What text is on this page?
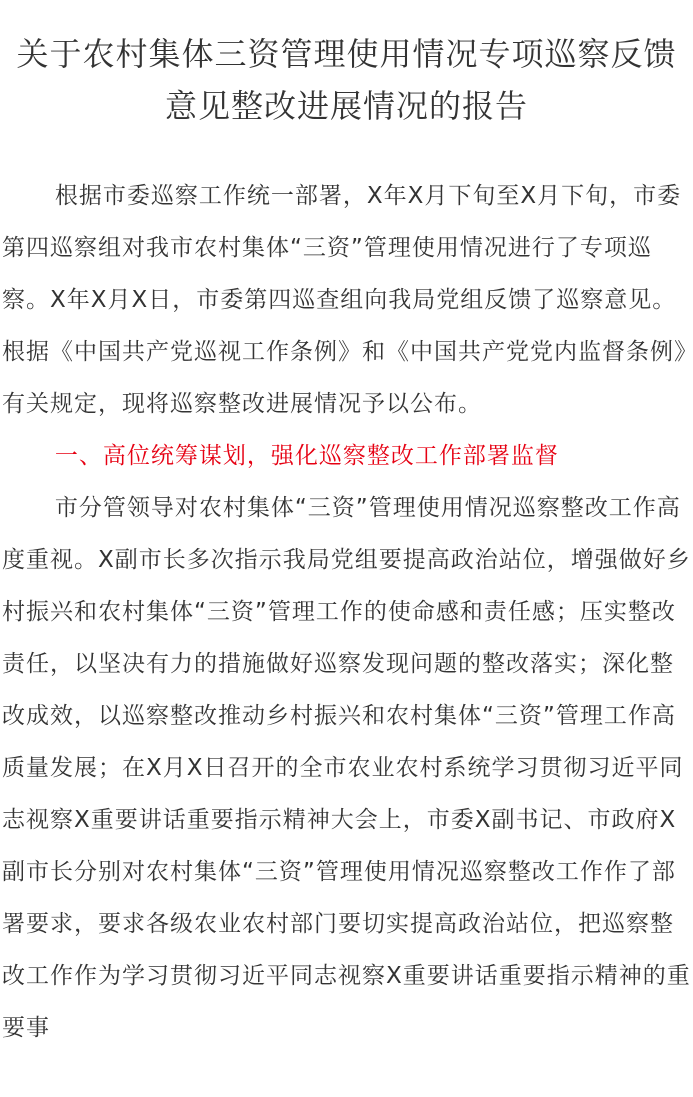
关于农村集体三资管理使用情况专项巡察反馈意见整改进展情况的报告

根据市委巡察工作统一部署，X年X月下旬至X月下旬，市委第四巡察组对我市农村集体“三资”管理使用情况进行了专项巡察。X年X月X日，市委第四巡查组向我局党组反馈了巡察意见。根据《中国共产党巡视工作条例》和《中国共产党党内监督条例》有关规定，现将巡察整改进展情况予以公布。

一、高位统筹谋划，强化巡察整改工作部署监督

市分管领导对农村集体“三资”管理使用情况巡察整改工作高度重视。X副市长多次指示我局党组要提高政治站位，增强做好乡村振兴和农村集体“三资”管理工作的使命感和责任感；压实整改责任，以坚决有力的措施做好巡察发现问题的整改落实；深化整改成效，以巡察整改推动乡村振兴和农村集体“三资”管理工作高质量发展；在X月X日召开的全市农业农村系统学习贯彻习近平同志视察X重要讲话重要指示精神大会上，市委X副书记、市政府X副市长分别对农村集体“三资”管理使用情况巡察整改工作作了部署要求，要求各级农业农村部门要切实提高政治站位，把巡察整改工作作为学习贯彻习近平同志视察X重要讲话重要指示精神的重要事
